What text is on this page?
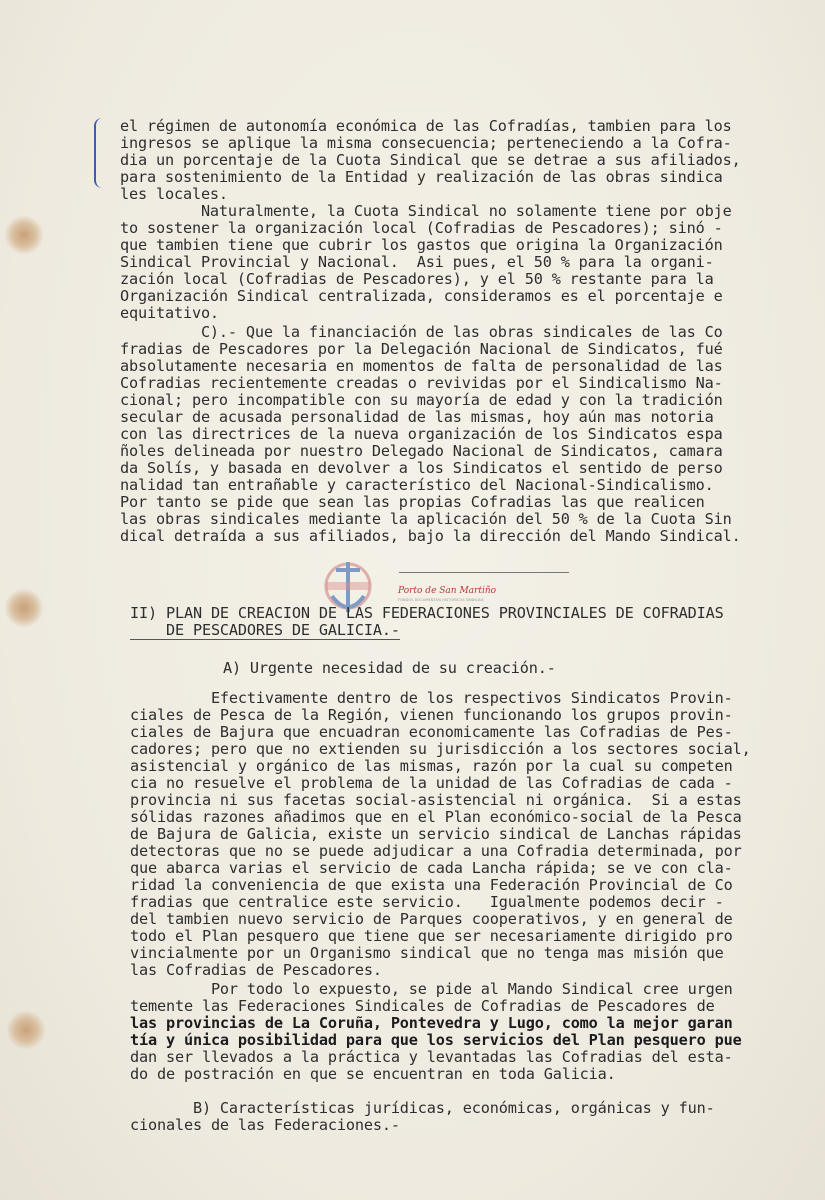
el régimen de autonomía económica de las Cofradías, tambien para los
ingresos se aplique la misma consecuencia; perteneciendo a la Cofra-
dia un porcentaje de la Cuota Sindical que se detrae a sus afiliados,
para sostenimiento de la Entidad y realización de las obras sindica
les locales.
Naturalmente, la Cuota Sindical no solamente tiene por obje
to sostener la organización local (Cofradias de Pescadores); sinó -
que tambien tiene que cubrir los gastos que origina la Organización
Sindical Provincial y Nacional.  Asi pues, el 50 % para la organi-
zación local (Cofradias de Pescadores), y el 50 % restante para la
Organización Sindical centralizada, consideramos es el porcentaje e
equitativo.
C).- Que la financiación de las obras sindicales de las Co
fradias de Pescadores por la Delegación Nacional de Sindicatos, fué
absolutamente necesaria en momentos de falta de personalidad de las
Cofradias recientemente creadas o revividas por el Sindicalismo Na-
cional; pero incompatible con su mayoría de edad y con la tradición
secular de acusada personalidad de las mismas, hoy aún mas notoria
con las directrices de la nueva organización de los Sindicatos espa
ñoles delineada por nuestro Delegado Nacional de Sindicatos, camara
da Solís, y basada en devolver a los Sindicatos el sentido de perso
nalidad tan entrañable y característico del Nacional-Sindicalismo.
Por tanto se pide que sean las propias Cofradias las que realicen
las obras sindicales mediante la aplicación del 50 % de la Cuota Sin
dical detraída a sus afiliados, bajo la dirección del Mando Sindical.
Porto de San Martiño
FONDOS DOCUMENTAIS HISTÓRICOS SINDICAIS
II) PLAN DE CREACION DE LAS FEDERACIONES PROVINCIALES DE COFRADIAS
DE PESCADORES DE GALICIA.-
A) Urgente necesidad de su creación.-
Efectivamente dentro de los respectivos Sindicatos Provin-
ciales de Pesca de la Región, vienen funcionando los grupos provin-
ciales de Bajura que encuadran economicamente las Cofradias de Pes-
cadores; pero que no extienden su jurisdicción a los sectores social,
asistencial y orgánico de las mismas, razón por la cual su competen
cia no resuelve el problema de la unidad de las Cofradias de cada -
provincia ni sus facetas social-asistencial ni orgánica.  Si a estas
sólidas razones añadimos que en el Plan económico-social de la Pesca
de Bajura de Galicia, existe un servicio sindical de Lanchas rápidas
detectoras que no se puede adjudicar a una Cofradia determinada, por
que abarca varias el servicio de cada Lancha rápida; se ve con cla-
ridad la conveniencia de que exista una Federación Provincial de Co
fradias que centralice este servicio.   Igualmente podemos decir -
del tambien nuevo servicio de Parques cooperativos, y en general de
todo el Plan pesquero que tiene que ser necesariamente dirigido pro
vincialmente por un Organismo sindical que no tenga mas misión que
las Cofradias de Pescadores.
Por todo lo expuesto, se pide al Mando Sindical cree urgen
temente las Federaciones Sindicales de Cofradias de Pescadores de
las provincias de La Coruña, Pontevedra y Lugo, como la mejor garan
tía y única posibilidad para que los servicios del Plan pesquero pue
dan ser llevados a la práctica y levantadas las Cofradias del esta-
do de postración en que se encuentran en toda Galicia.
B) Características jurídicas, económicas, orgánicas y fun-
cionales de las Federaciones.-
